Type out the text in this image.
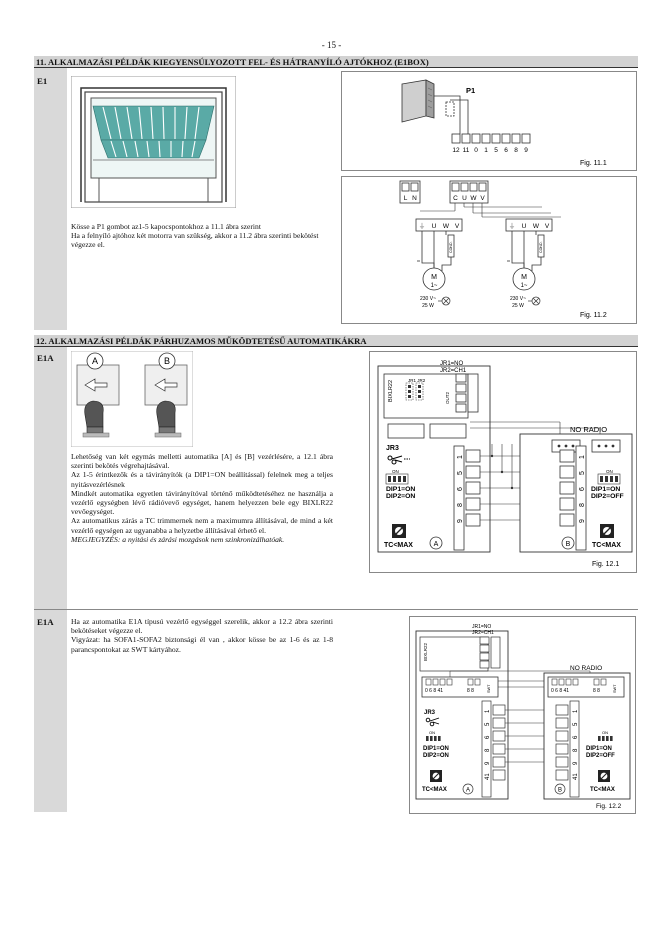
- 15 -
11. ALKALMAZÁSI PÉLDÁK KIEGYENSÚLYOZOTT FEL- ÉS HÁTRANYÍLÓ AJTÓKHOZ (E1BOX)
E1

Kösse a P1 gombot az1-5 kapocspontokhoz a 11.1 ábra szerint

Ha a felnyíló ajtóhoz két motorra van szükség, akkor a 11.2 ábra szerinti bekötést végezze el.

P1
12 11 0 1 5 6 8 9
Fig. 11.1
L N	C U W V
⏚ U W V	⏚ U W V
COND.	COND.
M
1~
M
1~
230 V~
25 W
230 V~
25 W
Fig. 11.2
12. ALKALMAZÁSI PÉLDÁK PÁRHUZAMOS MŰKÖDTETÉSŰ AUTOMATIKÁKRA
E1A
E1A
A	B

Lehetőség van két egymás melletti automatika [A] és [B] vezérlésére, a 12.1 ábra szerinti bekötés végrehajtásával.

Az 1-5 érintkezők és a távirányítók (a DIP1=ON beállítással) felelnek meg a teljes nyitásvezérlésnek

Mindkét automatika egyetlen távirányítóval történő működtetéséhez ne használja a vezérlő egységben lévő rádióvevő egységet, hanem helyezzen bele egy BIXLR22 vevőegységet.

Az automatikus zárás a TC trimmernek nem a maximumra állításával, de mind a két vezérlő egységen az ugyanabba a helyzetbe állításával érhető el.

MEGJEGYZÉS: a nyitási és zárási mozgások nem szinkronizálhatóak.

Ha az automatika E1A típusú vezérlő egységgel szerelik, akkor a 12.2 ábra szerinti bekötéseket végezze el.

Vigyázat: ha SOFA1-SOFA2 biztonsági él van , akkor kösse be az 1-6 és az 1-8 parancspontokat az SWT kártyához.

JR1=NO
JR2=CH1
BIXLR22	JR1 JR2
OUT2
JR3
ON
DIP1=ON
DIP2=ON
1
5
6
8
9
TC<MAX	A
NO RADIO
1
5
6
8
9
ON
DIP1=ON
DIP2=OFF
TC<MAX
B
Fig. 12.1
JR1=NO
JR2=CH1
BIXLR22
0 6 8 41	8 8	SWT
JR3
ON
DIP1=ON
DIP2=ON
1
5
6
8
9
41
TC<MAX	A
NO RADIO
0 6 8 41	8 8	SWT
1
5
6
8
9
41
ON
DIP1=ON
DIP2=OFF
TC<MAX
B
Fig. 12.2
